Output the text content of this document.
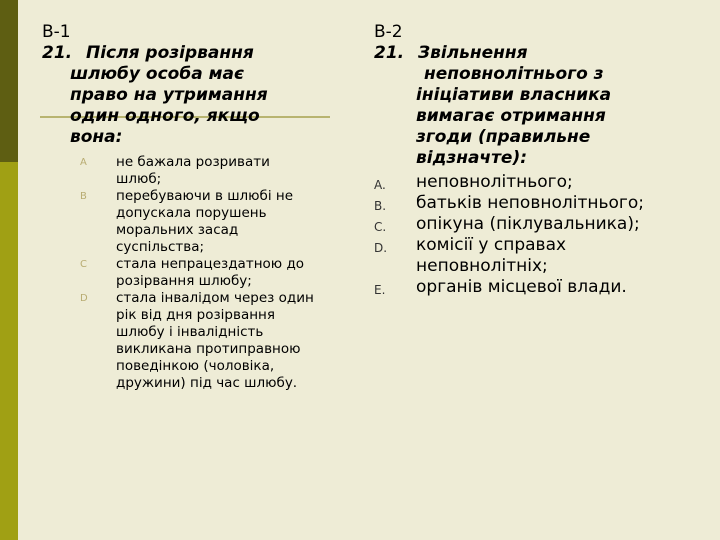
В-1
21. Після розірвання
шлюбу особа має
право на утримання
один одного, якщо
вона:
A не бажала розривати
шлюб;
B перебуваючи в шлюбі не
допускала порушень
моральних засад
суспільства;
C стала непрацездатною до
розірвання шлюбу;
D стала інвалідом через один
рік від дня розірвання
шлюбу і інвалідність
викликана протиправною
поведінкою (чоловіка,
дружини) під час шлюбу.
В-2
21. Звільнення
неповнолітнього з
ініціативи власника
вимагає отримання
згоди (правильне
відзначте):
A. неповнолітнього;
B. батьків неповнолітнього;
C. опікуна (піклувальника);
D. комісії у справах
неповнолітніх;
E. органів місцевої влади.
